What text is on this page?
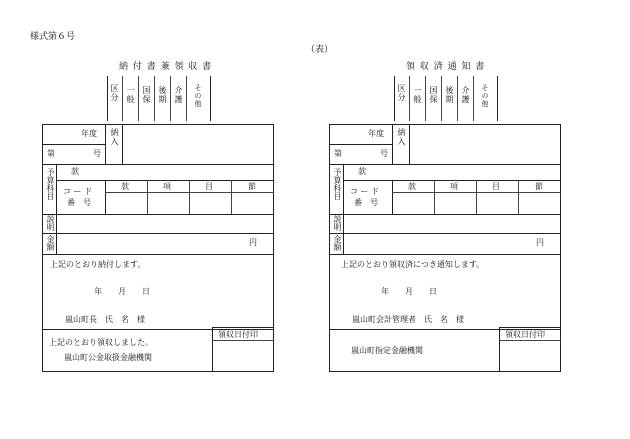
様式第６号
（表）
納 付 書 兼 領 収 書
区分 一般 国保 後期 介護 その他
年度 納入
第	号
予算科目 款
コ ー ド
番　号
款	項	目	節
説明
金額	円
上記のとおり納付します。
年　　月　　日
嵐山町長　氏　名　様
領収日付印
上記のとおり領収しました。
嵐山町公金取扱金融機関
領 収 済 通 知 書
区分 一般 国保 後期 介護 その他
年度 納入
第	号
予算科目 款
コ ー ド
番　号
款	項	目	節
説明
金額	円
上記のとおり領収済につき通知します。
年　　月　　日
嵐山町会計管理者　氏　名　様
領収日付印
嵐山町指定金融機関
